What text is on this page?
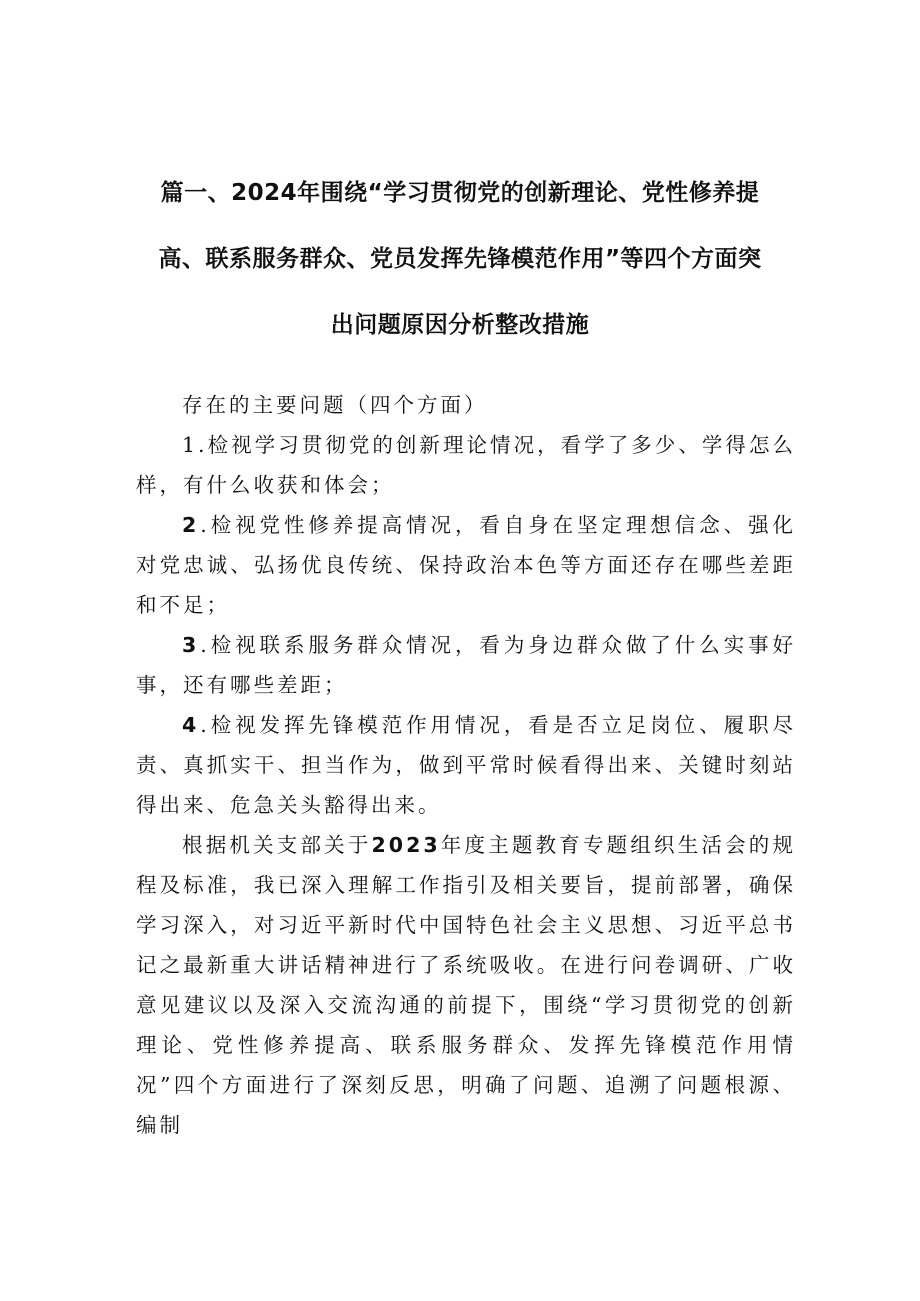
篇一、2024年围绕“学习贯彻党的创新理论、党性修养提
高、联系服务群众、党员发挥先锋模范作用”等四个方面突
出问题原因分析整改措施

存在的主要问题（四个方面）

1.检视学习贯彻党的创新理论情况，看学了多少、学得怎么样，有什么收获和体会；

2.检视党性修养提高情况，看自身在坚定理想信念、强化对党忠诚、弘扬优良传统、保持政治本色等方面还存在哪些差距和不足；

3.检视联系服务群众情况，看为身边群众做了什么实事好事，还有哪些差距；

4.检视发挥先锋模范作用情况，看是否立足岗位、履职尽责、真抓实干、担当作为，做到平常时候看得出来、关键时刻站得出来、危急关头豁得出来。

根据机关支部关于2023年度主题教育专题组织生活会的规程及标准，我已深入理解工作指引及相关要旨，提前部署，确保学习深入，对习近平新时代中国特色社会主义思想、习近平总书记之最新重大讲话精神进行了系统吸收。在进行问卷调研、广收意见建议以及深入交流沟通的前提下，围绕“学习贯彻党的创新理论、党性修养提高、联系服务群众、发挥先锋模范作用情况”四个方面进行了深刻反思，明确了问题、追溯了问题根源、编制
